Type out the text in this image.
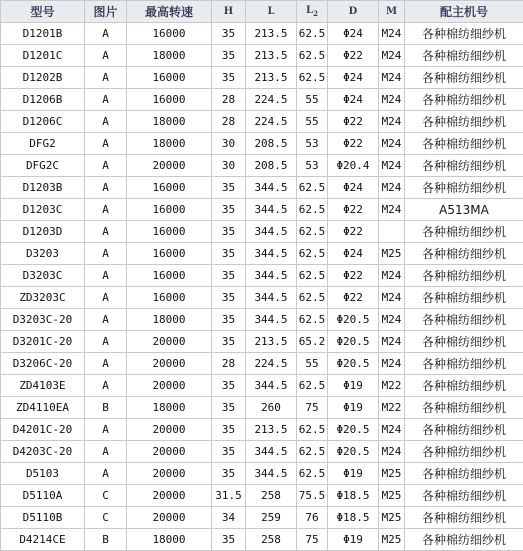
型号	图片	最高转速	H	L	$L_2$	D	M	配主机号
D1201B	A	16000	35	213.5	62.5	Φ24	M24	各种棉纺细纱机
D1201C	A	18000	35	213.5	62.5	Φ22	M24	各种棉纺细纱机
D1202B	A	16000	35	213.5	62.5	Φ24	M24	各种棉纺细纱机
D1206B	A	16000	28	224.5	55	Φ24	M24	各种棉纺细纱机
D1206C	A	18000	28	224.5	55	Φ22	M24	各种棉纺细纱机
DFG2	A	18000	30	208.5	53	Φ22	M24	各种棉纺细纱机
DFG2C	A	20000	30	208.5	53	Φ20.4	M24	各种棉纺细纱机
D1203B	A	16000	35	344.5	62.5	Φ24	M24	各种棉纺细纱机
D1203C	A	16000	35	344.5	62.5	Φ22	M24	A513MA
D1203D	A	16000	35	344.5	62.5	Φ22		各种棉纺细纱机
D3203	A	16000	35	344.5	62.5	Φ24	M25	各种棉纺细纱机
D3203C	A	16000	35	344.5	62.5	Φ22	M24	各种棉纺细纱机
ZD3203C	A	16000	35	344.5	62.5	Φ22	M24	各种棉纺细纱机
D3203C-20	A	18000	35	344.5	62.5	Φ20.5	M24	各种棉纺细纱机
D3201C-20	A	20000	35	213.5	65.2	Φ20.5	M24	各种棉纺细纱机
D3206C-20	A	20000	28	224.5	55	Φ20.5	M24	各种棉纺细纱机
ZD4103E	A	20000	35	344.5	62.5	Φ19	M22	各种棉纺细纱机
ZD4110EA	B	18000	35	260	75	Φ19	M22	各种棉纺细纱机
D4201C-20	A	20000	35	213.5	62.5	Φ20.5	M24	各种棉纺细纱机
D4203C-20	A	20000	35	344.5	62.5	Φ20.5	M24	各种棉纺细纱机
D5103	A	20000	35	344.5	62.5	Φ19	M25	各种棉纺细纱机
D5110A	C	20000	31.5	258	75.5	Φ18.5	M25	各种棉纺细纱机
D5110B	C	20000	34	259	76	Φ18.5	M25	各种棉纺细纱机
D4214CE	B	18000	35	258	75	Φ19	M25	各种棉纺细纱机
